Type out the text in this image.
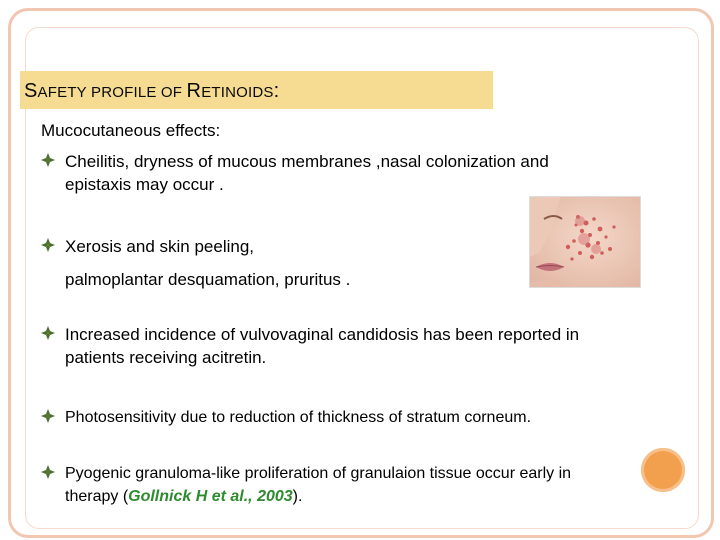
SAFETY PROFILE OF RETINOIDS:
Mucocutaneous effects:
Cheilitis, dryness of mucous membranes ,nasal colonization and
epistaxis may occur .
Xerosis and skin peeling,
palmoplantar desquamation, pruritus .
Increased incidence of vulvovaginal candidosis has been reported in
patients receiving acitretin.
Photosensitivity due to reduction of thickness of stratum corneum.
Pyogenic granuloma-like proliferation of granulaion tissue occur early in
therapy (Gollnick H et al., 2003).
